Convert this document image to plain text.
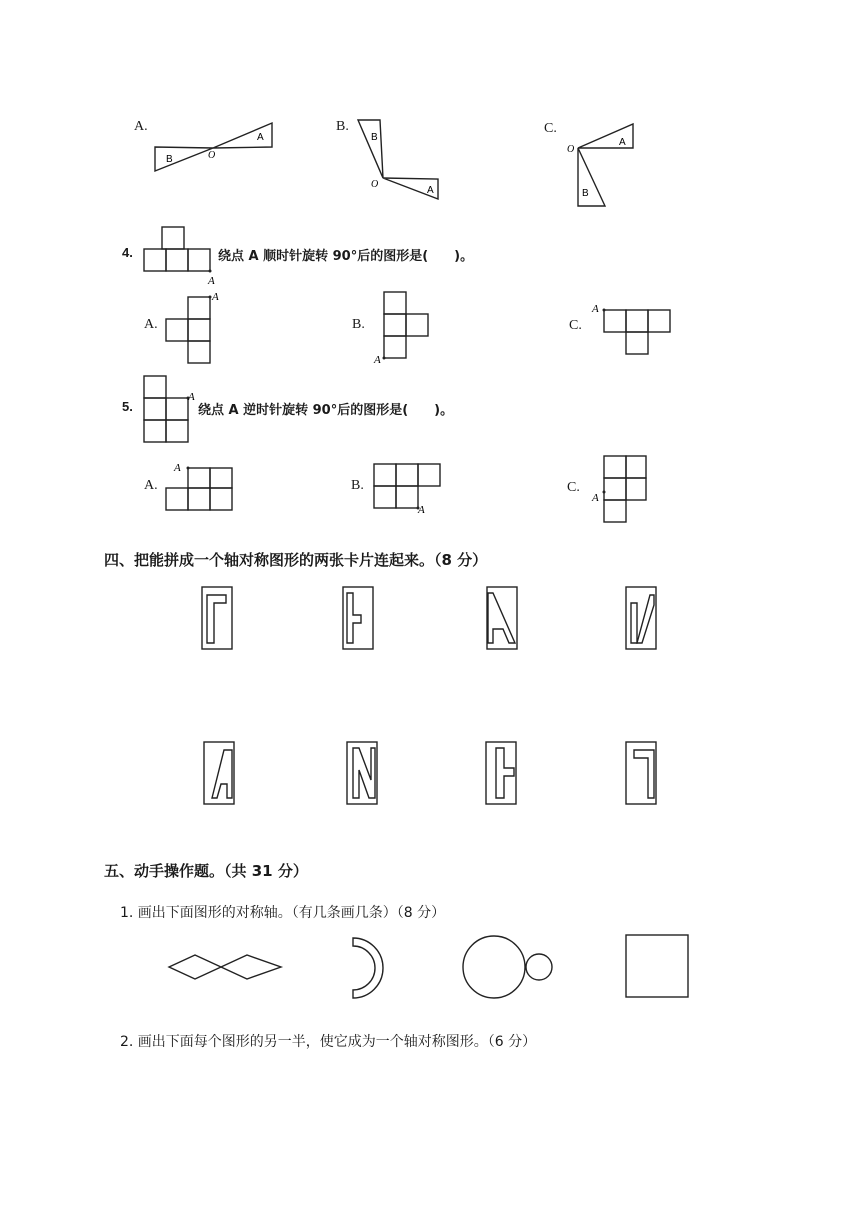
A.
B
A
O
B.
B
A
O
C.
A
B
O
4.
A
绕点 A 顺时针旋转 90°后的图形是(　　)。
A.
A
B.
A
C.
A
5.
A
绕点 A 逆时针旋转 90°后的图形是(　　)。
A.
A
B.
A
C.
A
四、把能拼成一个轴对称图形的两张卡片连起来。（8 分）
五、动手操作题。（共 31 分）
1. 画出下面图形的对称轴。（有几条画几条）（8 分）
2. 画出下面每个图形的另一半，使它成为一个轴对称图形。（6 分）
